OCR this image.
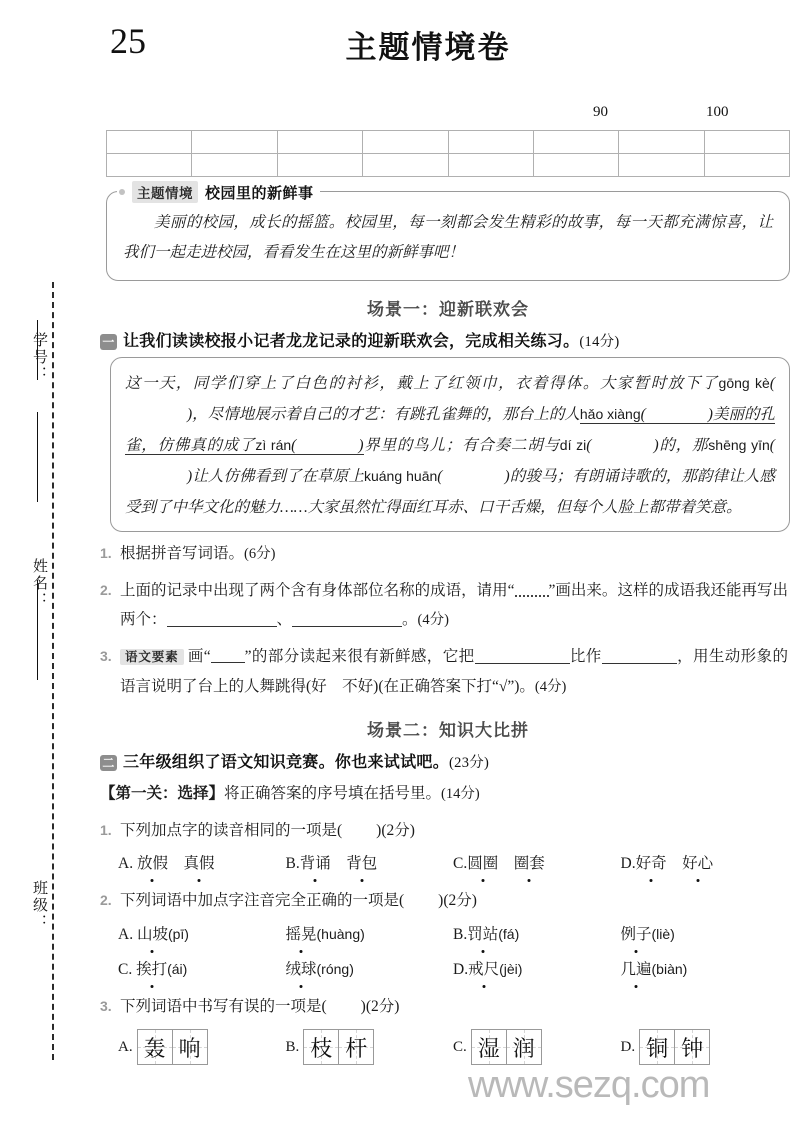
学号：
姓名：
班级：
25	主题情境卷
90	100

主题情境 校园里的新鲜事
美丽的校园，成长的摇篮。校园里，每一刻都会发生精彩的故事，每一天都充满惊喜，让我们一起走进校园，看看发生在这里的新鲜事吧！
场景一：迎新联欢会
一 让我们读读校报小记者龙龙记录的迎新联欢会，完成相关练习。 (14分)
这一天，同学们穿上了白色的衬衫，戴上了红领巾，衣着得体。大家暂时放下了gōng kè()，尽情地展示着自己的才艺：有跳孔雀舞的，那台上的人hǎo xiàng(	)美丽的孔雀，仿佛真的成了zì rán(	)界里的鸟儿；有合奏二胡与dí zi(	)的，那shēng yīn()让人仿佛看到了在草原上kuáng huān(	)的骏马；有朗诵诗歌的，那韵律让人感受到了中华文化的魅力……大家虽然忙得面红耳赤、口干舌燥，但每个人脸上都带着笑意。
1. 根据拼音写词语。(6分)
2. 上面的记录中出现了两个含有身体部位名称的成语，请用“ ”画出来。这样的成语我还能再写出两个：	、	。(4分)
3.	语文要素 画“ ”的部分读起来很有新鲜感，它把	比作	，用生动形象的语言说明了台上的人舞跳得(好　不好)(在正确答案下打“√”)。(4分)
场景二：知识大比拼
二 三年级组织了语文知识竞赛。你也来试试吧。 (23分)
【第一关：选择】将正确答案的序号填在括号里。(14分)
1. 下列加点字的读音相同的一项是( )(2分)
A. 放假　 真假	B.背诵　 背包	C.圆圈　 圈套	D.好奇　 好心
2. 下列词语中加点字注音完全正确的一项是( )(2分)
A. 山坡(pī)	摇晃(huàng)	B.罚站(fá)	例子(liè)
C. 挨打(ái)	绒球(róng)	D.戒尺(jèi)	几遍(biàn)
3. 下列词语中书写有误的一项是( )(2分)
A. 轰 响	B. 枝 杆	C. 湿 润	D. 铜 钟
www.sezq.com
